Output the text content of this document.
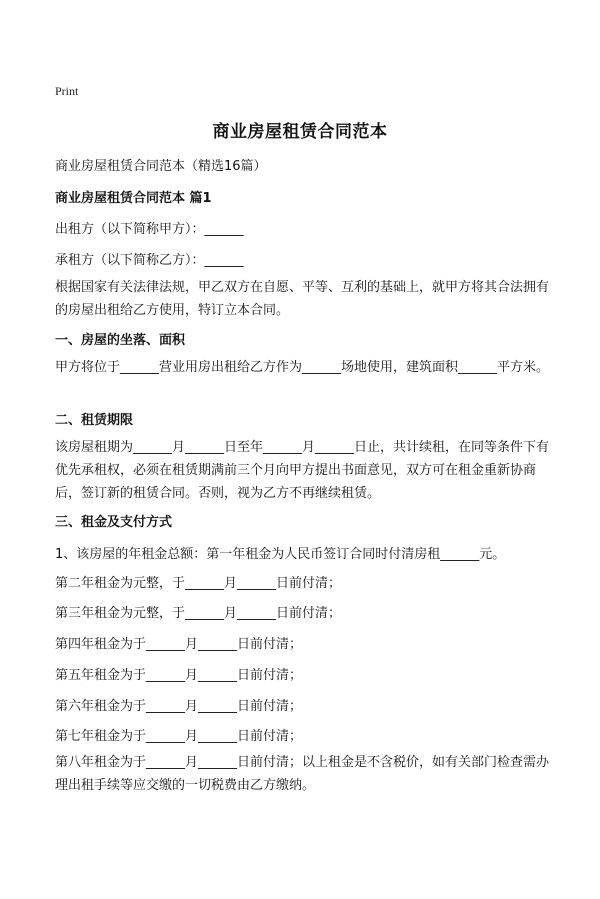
Print
商业房屋租赁合同范本
商业房屋租赁合同范本（精选16篇）
商业房屋租赁合同范本 篇1
出租方（以下简称甲方）：______
承租方（以下简称乙方）：______
根据国家有关法律法规，甲乙双方在自愿、平等、互利的基础上，就甲方将其合法拥有的房屋出租给乙方使用，特订立本合同。
一、房屋的坐落、面积
甲方将位于______营业用房出租给乙方作为______场地使用，建筑面积______平方米。
二、租赁期限
该房屋租期为______月______日至年______月______日止，共计续租，在同等条件下有优先承租权，必须在租赁期满前三个月向甲方提出书面意见，双方可在租金重新协商后，签订新的租赁合同。否则，视为乙方不再继续租赁。
三、租金及支付方式
1、该房屋的年租金总额：第一年租金为人民币签订合同时付清房租______元。
第二年租金为元整，于______月______日前付清；
第三年租金为元整，于______月______日前付清；
第四年租金为于______月______日前付清；
第五年租金为于______月______日前付清；
第六年租金为于______月______日前付清；
第七年租金为于______月______日前付清；
第八年租金为于______月______日前付清；以上租金是不含税价，如有关部门检查需办理出租手续等应交缴的一切税费由乙方缴纳。
